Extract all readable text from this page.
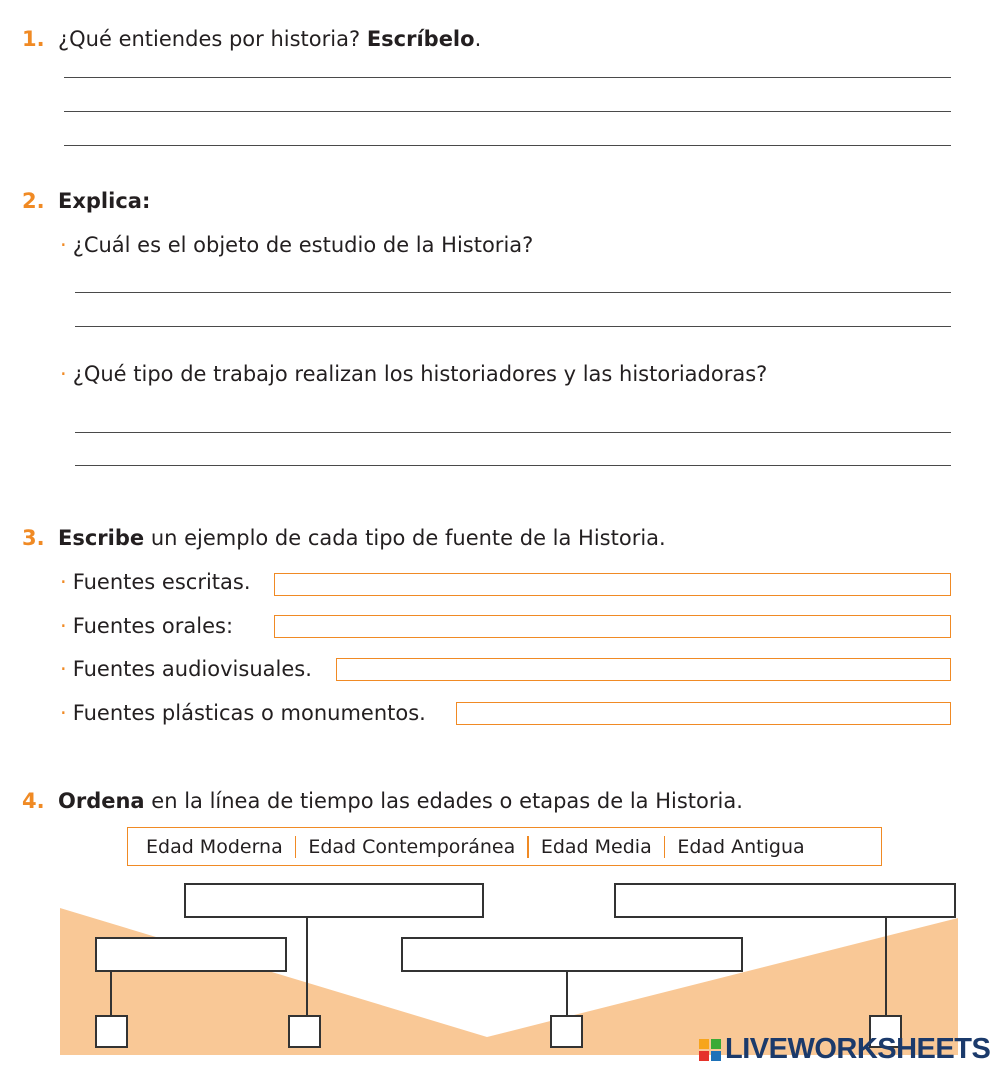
1. ¿Qué entiendes por historia? Escríbelo.
2. Explica:
· ¿Cuál es el objeto de estudio de la Historia?
· ¿Qué tipo de trabajo realizan los historiadores y las historiadoras?
3. Escribe un ejemplo de cada tipo de fuente de la Historia.
· Fuentes escritas.
· Fuentes orales:
· Fuentes audiovisuales.
· Fuentes plásticas o monumentos.
4. Ordena en la línea de tiempo las edades o etapas de la Historia.
Edad Moderna Edad Contemporánea Edad Media Edad Antigua
LIVEWORKSHEETS
